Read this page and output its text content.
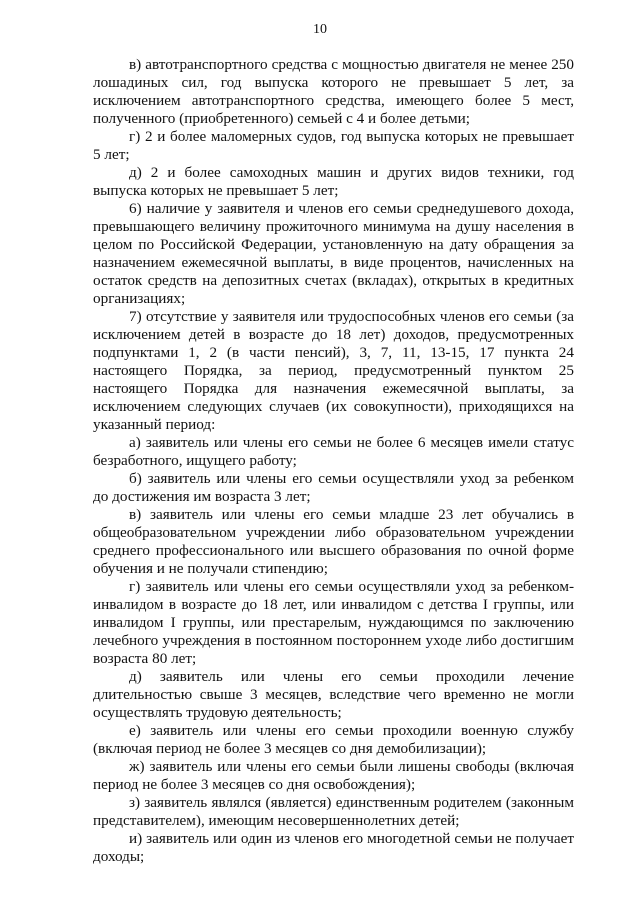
10

в) автотранспортного средства с мощностью двигателя не менее 250 лошадиных сил, год выпуска которого не превышает 5 лет, за исключением автотранспортного средства, имеющего более 5 мест, полученного (приобретенного) семьей с 4 и более детьми;

г) 2 и более маломерных судов, год выпуска которых не превышает 5 лет;

д) 2 и более самоходных машин и других видов техники, год выпуска которых не превышает 5 лет;

6) наличие у заявителя и членов его семьи среднедушевого дохода, превышающего величину прожиточного минимума на душу населения в целом по Российской Федерации, установленную на дату обращения за назначением ежемесячной выплаты, в виде процентов, начисленных на остаток средств на депозитных счетах (вкладах), открытых в кредитных организациях;

7) отсутствие у заявителя или трудоспособных членов его семьи (за исключением детей в возрасте до 18 лет) доходов, предусмотренных подпунктами 1, 2 (в части пенсий), 3, 7, 11, 13-15, 17 пункта 24 настоящего Порядка, за период, предусмотренный пунктом 25 настоящего Порядка для назначения ежемесячной выплаты, за исключением следующих случаев (их совокупности), приходящихся на указанный период:

а) заявитель или члены его семьи не более 6 месяцев имели статус безработного, ищущего работу;

б) заявитель или члены его семьи осуществляли уход за ребенком до достижения им возраста 3 лет;

в) заявитель или члены его семьи младше 23 лет обучались в общеобразовательном учреждении либо образовательном учреждении среднего профессионального или высшего образования по очной форме обучения и не получали стипендию;

г) заявитель или члены его семьи осуществляли уход за ребенком-инвалидом в возрасте до 18 лет, или инвалидом с детства I группы, или инвалидом I группы, или престарелым, нуждающимся по заключению лечебного учреждения в постоянном постороннем уходе либо достигшим возраста 80 лет;

д) заявитель или члены его семьи проходили лечение длительностью свыше 3 месяцев, вследствие чего временно не могли осуществлять трудовую деятельность;

е) заявитель или члены его семьи проходили военную службу (включая период не более 3 месяцев со дня демобилизации);

ж) заявитель или члены его семьи были лишены свободы (включая период не более 3 месяцев со дня освобождения);

з) заявитель являлся (является) единственным родителем (законным представителем), имеющим несовершеннолетних детей;

и) заявитель или один из членов его многодетной семьи не получает доходы;
